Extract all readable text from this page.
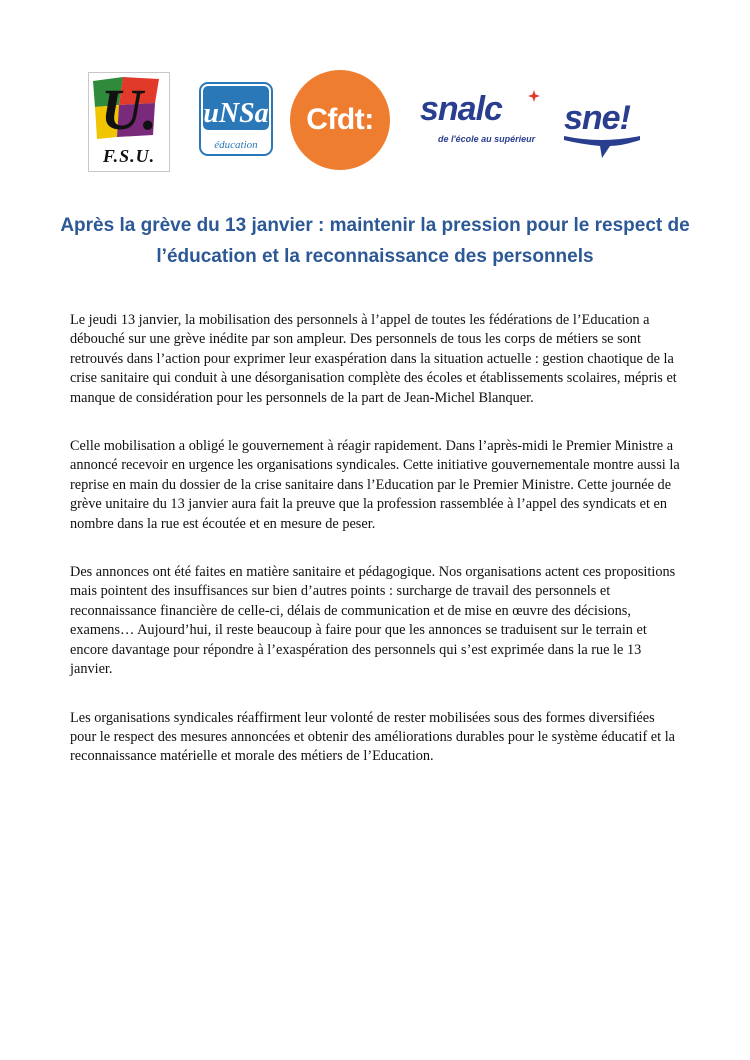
U.
F.S.U.
uNSa
éducation
Cfdt: snalc
de l'école au supérieur
sne!
Après la grève du 13 janvier : maintenir la pression pour le respect de l’éducation et la reconnaissance des personnels

Le jeudi 13 janvier, la mobilisation des personnels à l’appel de toutes les fédérations de l’Education a débouché sur une grève inédite par son ampleur. Des personnels de tous les corps de métiers se sont retrouvés dans l’action pour exprimer leur exaspération dans la situation actuelle : gestion chaotique de la crise sanitaire qui conduit à une désorganisation complète des écoles et établissements scolaires, mépris et manque de considération pour les personnels de la part de Jean-Michel Blanquer.

Celle mobilisation a obligé le gouvernement à réagir rapidement. Dans l’après-midi le Premier Ministre a annoncé recevoir en urgence les organisations syndicales. Cette initiative gouvernementale montre aussi la reprise en main du dossier de la crise sanitaire dans l’Education par le Premier Ministre. Cette journée de grève unitaire du 13 janvier aura fait la preuve que la profession rassemblée à l’appel des syndicats et en nombre dans la rue est écoutée et en mesure de peser.

Des annonces ont été faites en matière sanitaire et pédagogique. Nos organisations actent ces propositions mais pointent des insuffisances sur bien d’autres points : surcharge de travail des personnels et reconnaissance financière de celle-ci, délais de communication et de mise en œuvre des décisions, examens… Aujourd’hui, il reste beaucoup à faire pour que les annonces se traduisent sur le terrain et encore davantage pour répondre à l’exaspération des personnels qui s’est exprimée dans la rue le 13 janvier.

Les organisations syndicales réaffirment leur volonté de rester mobilisées sous des formes diversifiées pour le respect des mesures annoncées et obtenir des améliorations durables pour le système éducatif et la reconnaissance matérielle et morale des métiers de l’Education.
